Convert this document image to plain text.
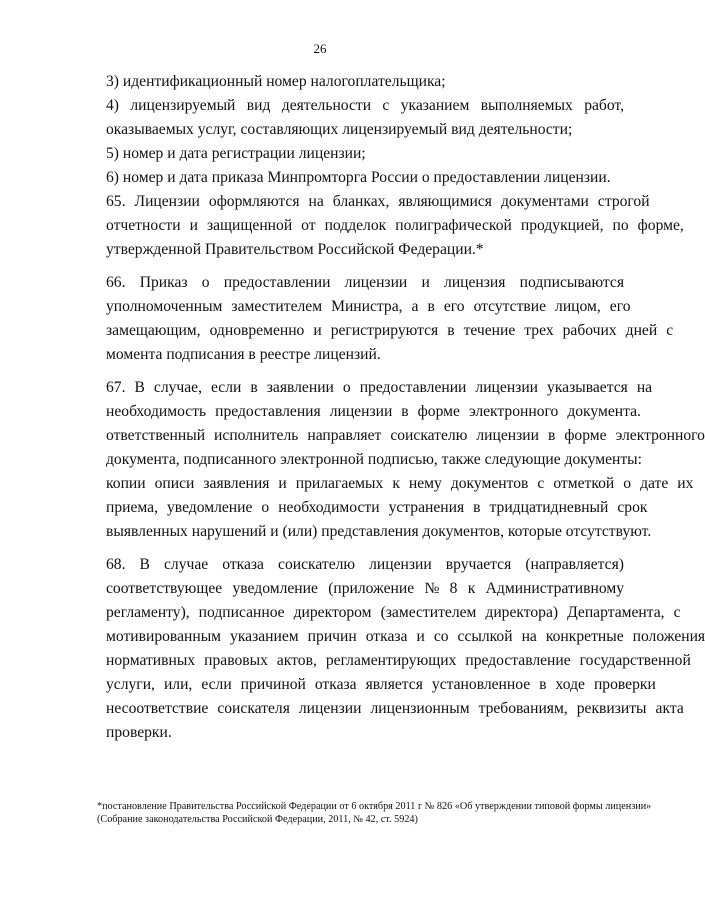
26

3) идентификационный номер налогоплательщика;

4) лицензируемый вид деятельности с указанием выполняемых работ,
оказываемых услуг, составляющих лицензируемый вид деятельности;

5) номер и дата регистрации лицензии;

6) номер и дата приказа Минпромторга России о предоставлении лицензии.

65. Лицензии оформляются на бланках, являющимися документами строгой
отчетности и защищенной от подделок полиграфической продукцией, по форме,
утвержденной Правительством Российской Федерации.*

66. Приказ о предоставлении лицензии и лицензия подписываются
уполномоченным заместителем Министра, а в его отсутствие лицом, его
замещающим, одновременно и регистрируются в течение трех рабочих дней с
момента подписания в реестре лицензий.

67. В случае, если в заявлении о предоставлении лицензии указывается на
необходимость предоставления лицензии в форме электронного документа.
ответственный исполнитель направляет соискателю лицензии в форме электронного
документа, подписанного электронной подписью, также следующие документы:

копии описи заявления и прилагаемых к нему документов с отметкой о дате их
приема, уведомление о необходимости устранения в тридцатидневный срок
выявленных нарушений и (или) представления документов, которые отсутствуют.

68. В случае отказа соискателю лицензии вручается (направляется)
соответствующее уведомление (приложение № 8 к Административному
регламенту), подписанное директором (заместителем директора) Департамента, с
мотивированным указанием причин отказа и со ссылкой на конкретные положения
нормативных правовых актов, регламентирующих предоставление государственной
услуги, или, если причиной отказа является установленное в ходе проверки
несоответствие соискателя лицензии лицензионным требованиям, реквизиты акта
проверки.

*постановление Правительства Российской Федерации от 6 октября 2011 г № 826 «Об утверждении типовой формы лицензии»
(Собрание законодательства Российской Федерации, 2011, № 42, ст. 5924)
